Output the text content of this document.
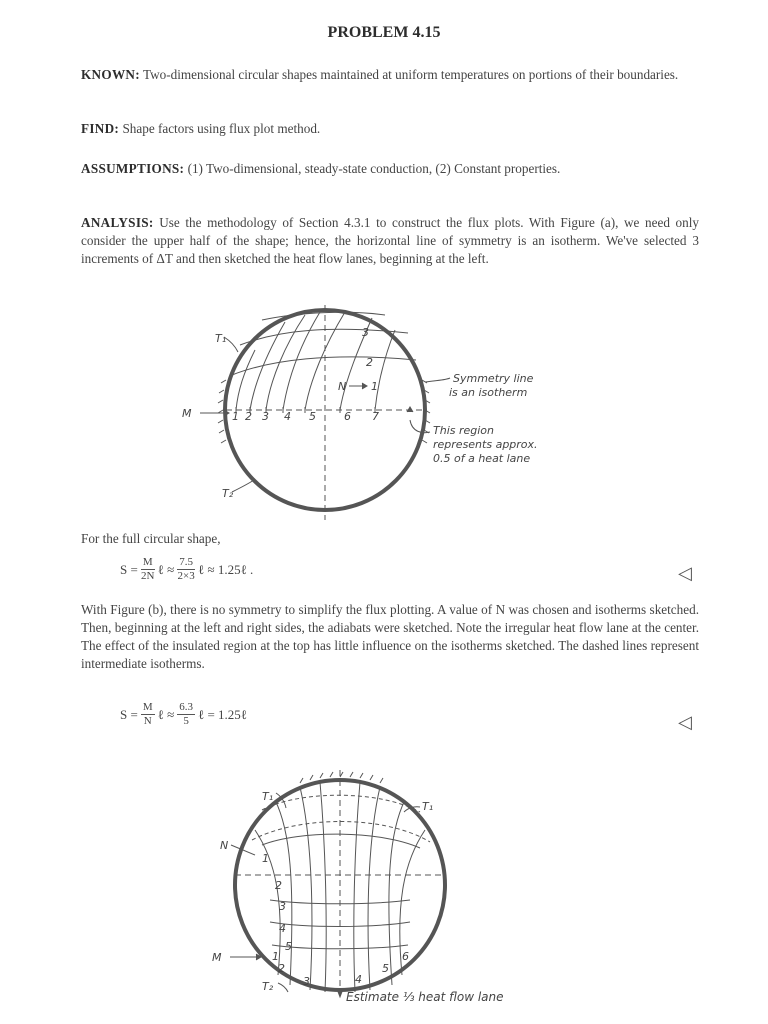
PROBLEM 4.15
KNOWN: Two-dimensional circular shapes maintained at uniform temperatures on portions of their boundaries.
FIND: Shape factors using flux plot method.
ASSUMPTIONS: (1) Two-dimensional, steady-state conduction, (2) Constant properties.
ANALYSIS: Use the methodology of Section 4.3.1 to construct the flux plots. With Figure (a), we need only consider the upper half of the shape; hence, the horizontal line of symmetry is an isotherm. We've selected 3 increments of ΔT and then sketched the heat flow lanes, beginning at the left.
T₁
T₂
M
N 1
1 2 3 4 5	6 7
2
3
Symmetry line
is an isotherm
This region
represents approx.
0.5 of a heat lane
For the full circular shape,
$S = \frac{M}{2N}$ ℓ ≈ $\frac{7.5}{2\times 3}$ ℓ ≈ 1.25ℓ .	◁
With Figure (b), there is no symmetry to simplify the flux plotting. A value of N was chosen and isotherms sketched. Then, beginning at the left and right sides, the adiabats were sketched. Note the irregular heat flow lane at the center. The effect of the insulated region at the top has little influence on the isotherms sketched. The dashed lines represent intermediate isotherms.
$S = \frac{M}{N}$ ℓ ≈ $\frac{6.3}{5}$ ℓ = 1.25ℓ	◁
T₁
T₁
T₂
N
M
1
2
3
4
5
1
2
3	4
5
6
Estimate ⅓ heat flow lane
